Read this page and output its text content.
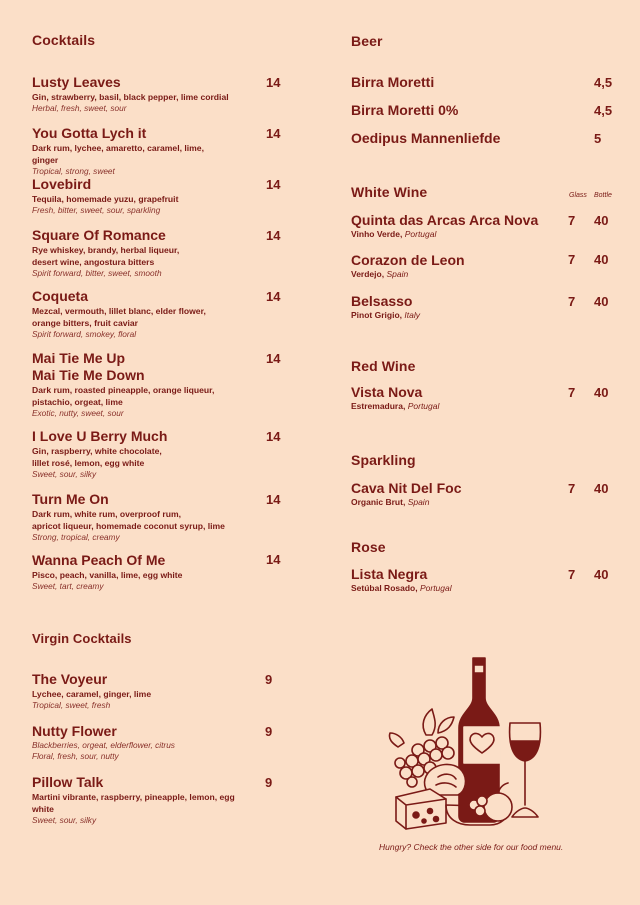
Cocktails
Lusty Leaves
Gin, strawberry, basil, black pepper, lime cordial
Herbal, fresh, sweet, sour
14
You Gotta Lych it
Dark rum, lychee, amaretto, caramel, lime, ginger
Tropical, strong, sweet
14
Lovebird
Tequila, homemade yuzu, grapefruit
Fresh, bitter, sweet, sour, sparkling
14
Square Of Romance
Rye whiskey, brandy, herbal liqueur,
desert wine, angostura bitters
Spirit forward, bitter, sweet, smooth
14
Coqueta
Mezcal, vermouth, lillet blanc, elder flower,
orange bitters, fruit caviar
Spirit forward, smokey, floral
14
Mai Tie Me Up
Mai Tie Me Down
Dark rum, roasted pineapple, orange liqueur,
pistachio, orgeat, lime
Exotic, nutty, sweet, sour
14
I Love U Berry Much
Gin, raspberry, white chocolate,
lillet rosé, lemon, egg white
Sweet, sour, silky
14
Turn Me On
Dark rum, white rum, overproof rum,
apricot liqueur, homemade coconut syrup, lime
Strong, tropical, creamy
14
Wanna Peach Of Me
Pisco, peach, vanilla, lime, egg white
Sweet, tart, creamy
14
Virgin Cocktails
The Voyeur
Lychee, caramel, ginger, lime
Tropical, sweet, fresh
9
Nutty Flower
Blackberries, orgeat, elderflower, citrus
Floral, fresh, sour, nutty
9
Pillow Talk
Martini vibrante, raspberry, pineapple, lemon, egg
white
Sweet, sour, silky
9
Beer
Birra Moretti	4,5
Birra Moretti 0%	4,5
Oedipus Mannenliefde	5
White Wine	Glass Bottle
Quinta das Arcas Arca Nova
Vinho Verde, Portugal
7 40
Corazon de Leon
Verdejo, Spain
7 40
Belsasso
Pinot Grigio, Italy
7 40
Red Wine
Vista Nova
Estremadura, Portugal
7 40
Sparkling
Cava Nit Del Foc
Organic Brut, Spain
7 40
Rose
Lista Negra
Setúbal Rosado, Portugal
7 40
Hungry? Check the other side for our food menu.
